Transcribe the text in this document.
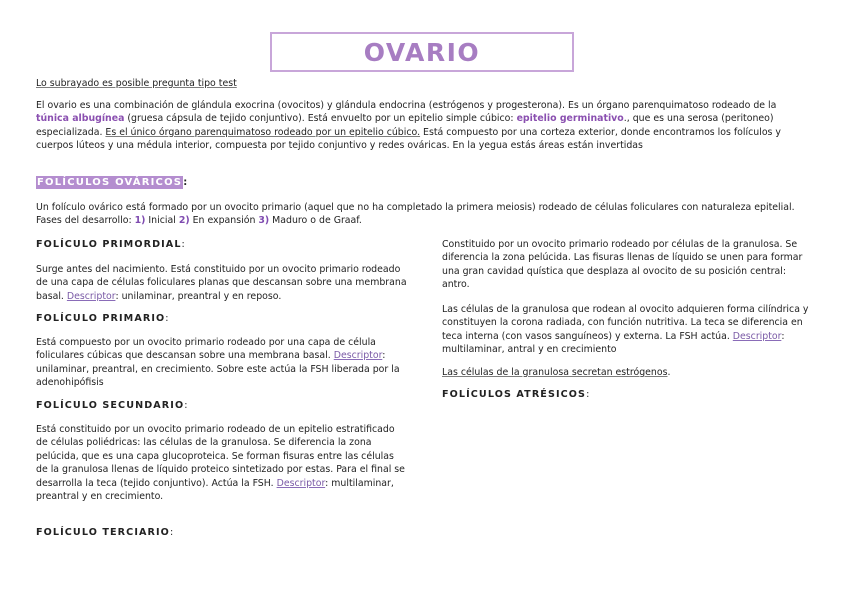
OVARIO

Lo subrayado es posible pregunta tipo test

El ovario es una combinación de glándula exocrina (ovocitos) y glándula endocrina (estrógenos y progesterona). Es un órgano parenquimatoso rodeado de la túnica albugínea (gruesa cápsula de tejido conjuntivo). Está envuelto por un epitelio simple cúbico: epitelio germinativo., que es una serosa (peritoneo) especializada. Es el único órgano parenquimatoso rodeado por un epitelio cúbico. Está compuesto por una corteza exterior, donde encontramos los folículos y cuerpos lúteos y una médula interior, compuesta por tejido conjuntivo y redes ováricas. En la yegua estás áreas están invertidas

FOLÍCULOS OVÁRICOS:

Un folículo ovárico está formado por un ovocito primario (aquel que no ha completado la primera meiosis) rodeado de células foliculares con naturaleza epitelial. Fases del desarrollo: 1) Inicial 2) En expansión 3) Maduro o de Graaf.

FOLÍCULO PRIMORDIAL:

Surge antes del nacimiento. Está constituido por un ovocito primario rodeado de una capa de células foliculares planas que descansan sobre una membrana basal. Descriptor: unilaminar, preantral y en reposo.

FOLÍCULO PRIMARIO:

Está compuesto por un ovocito primario rodeado por una capa de célula foliculares cúbicas que descansan sobre una membrana basal. Descriptor: unilaminar, preantral, en crecimiento. Sobre este actúa la FSH liberada por la adenohipófisis

FOLÍCULO SECUNDARIO:

Está constituido por un ovocito primario rodeado de un epitelio estratificado de células poliédricas: las células de la granulosa. Se diferencia la zona pelúcida, que es una capa glucoproteica. Se forman fisuras entre las células de la granulosa llenas de líquido proteico sintetizado por estas. Para el final se desarrolla la teca (tejido conjuntivo). Actúa la FSH. Descriptor: multilaminar, preantral y en crecimiento.

FOLÍCULO TERCIARIO:

Constituido por un ovocito primario rodeado por células de la granulosa. Se diferencia la zona pelúcida. Las fisuras llenas de líquido se unen para formar una gran cavidad quística que desplaza al ovocito de su posición central: antro.

Las células de la granulosa que rodean al ovocito adquieren forma cilíndrica y constituyen la corona radiada, con función nutritiva. La teca se diferencia en teca interna (con vasos sanguíneos) y externa. La FSH actúa. Descriptor: multilaminar, antral y en crecimiento

Las células de la granulosa secretan estrógenos.

FOLÍCULOS ATRÉSICOS:
